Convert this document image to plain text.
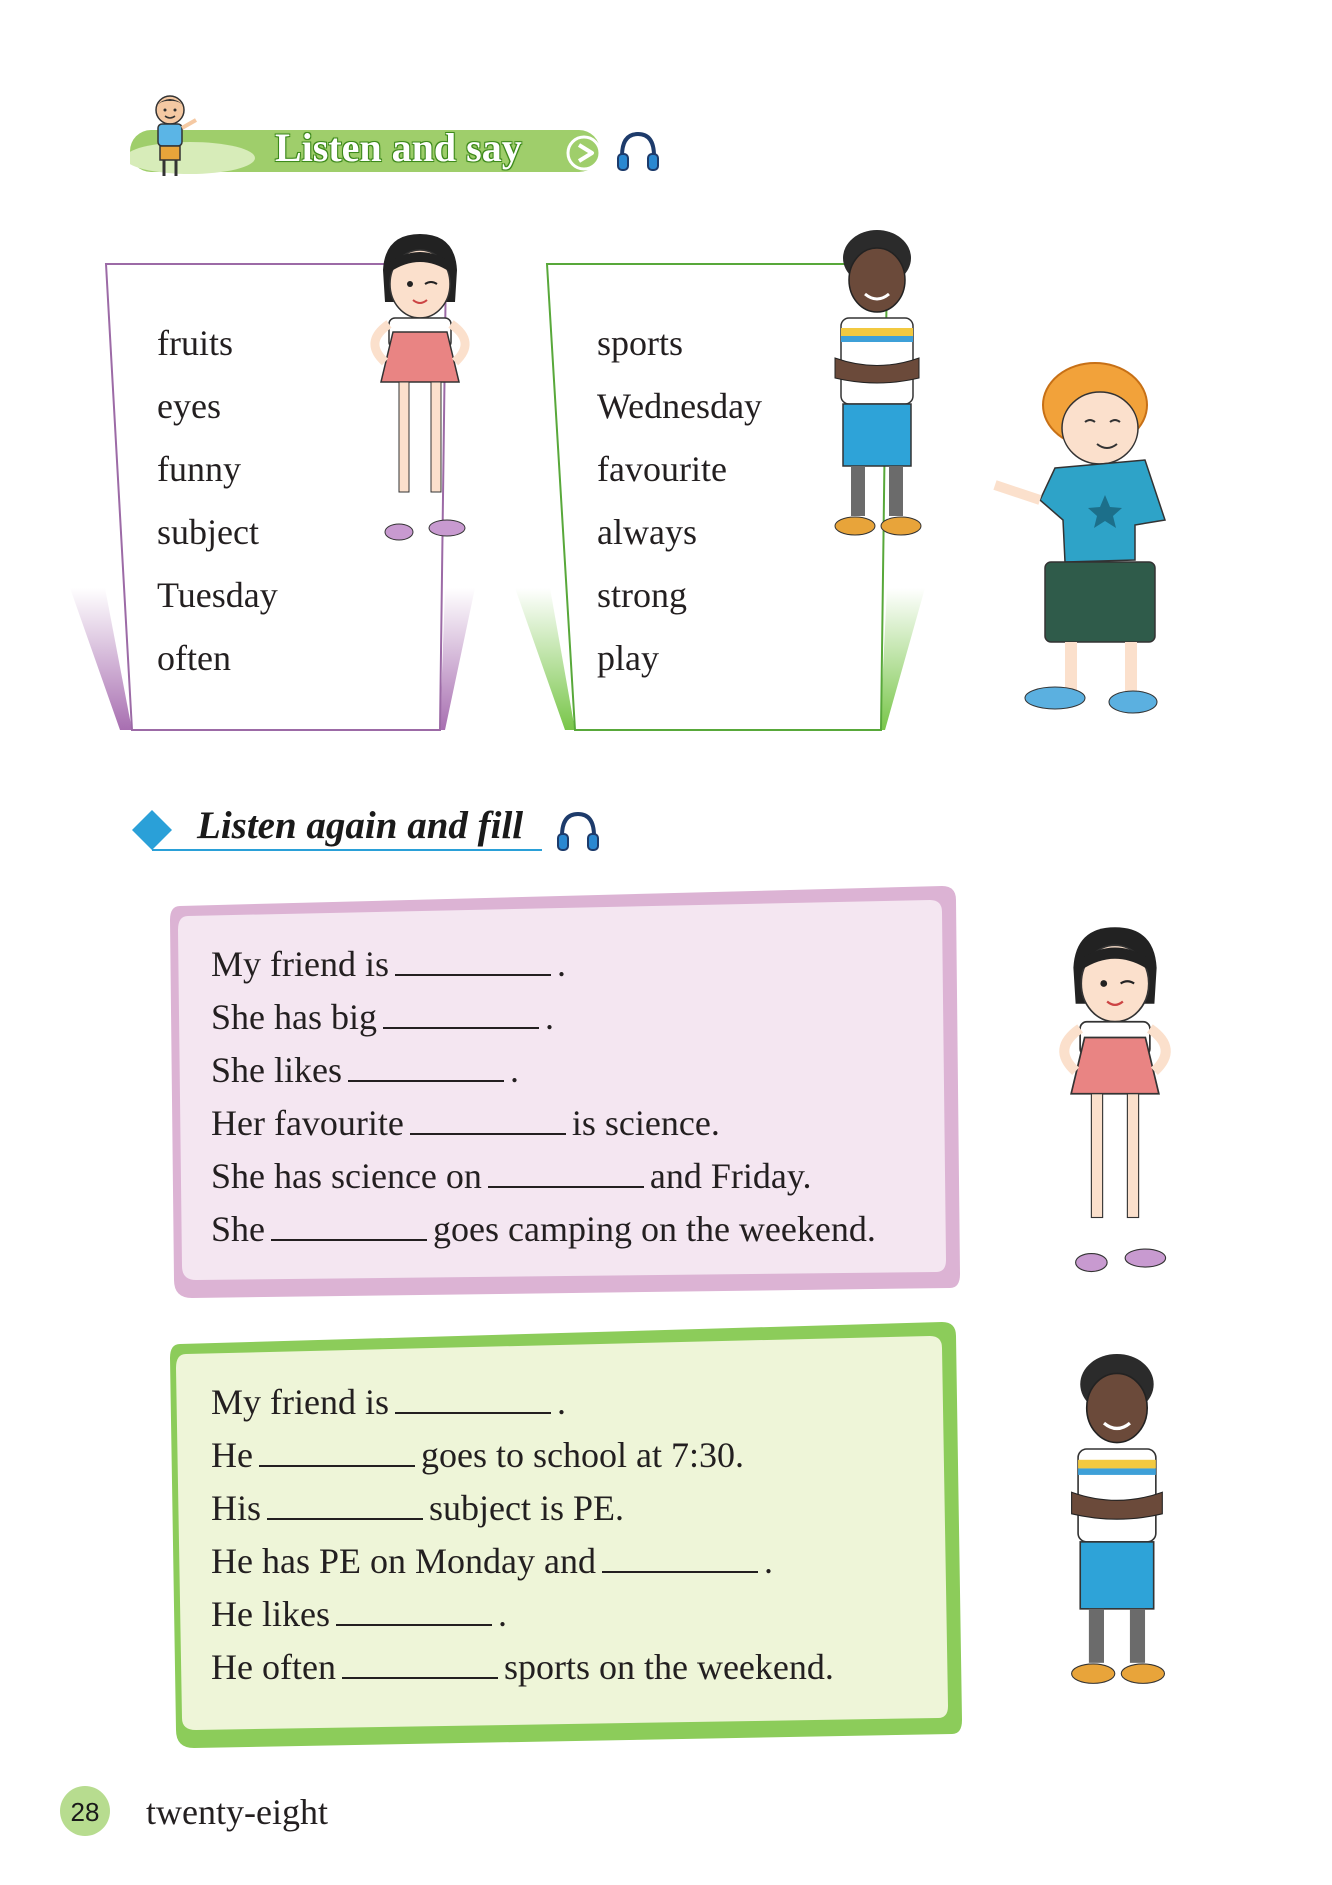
Listen and say
fruits
eyes
funny
subject
Tuesday
often
sports
Wednesday
favourite
always
strong
play
Listen again and fill
My friend is	.
She has big	.
She likes	.
Her favourite	is science.
She has science on	and Friday.
She	goes camping on the weekend.
My friend is	.
He	goes to school at 7:30.
His	subject is PE.
He has PE on Monday and	.
He likes	.
He often	sports on the weekend.
28 twenty-eight
